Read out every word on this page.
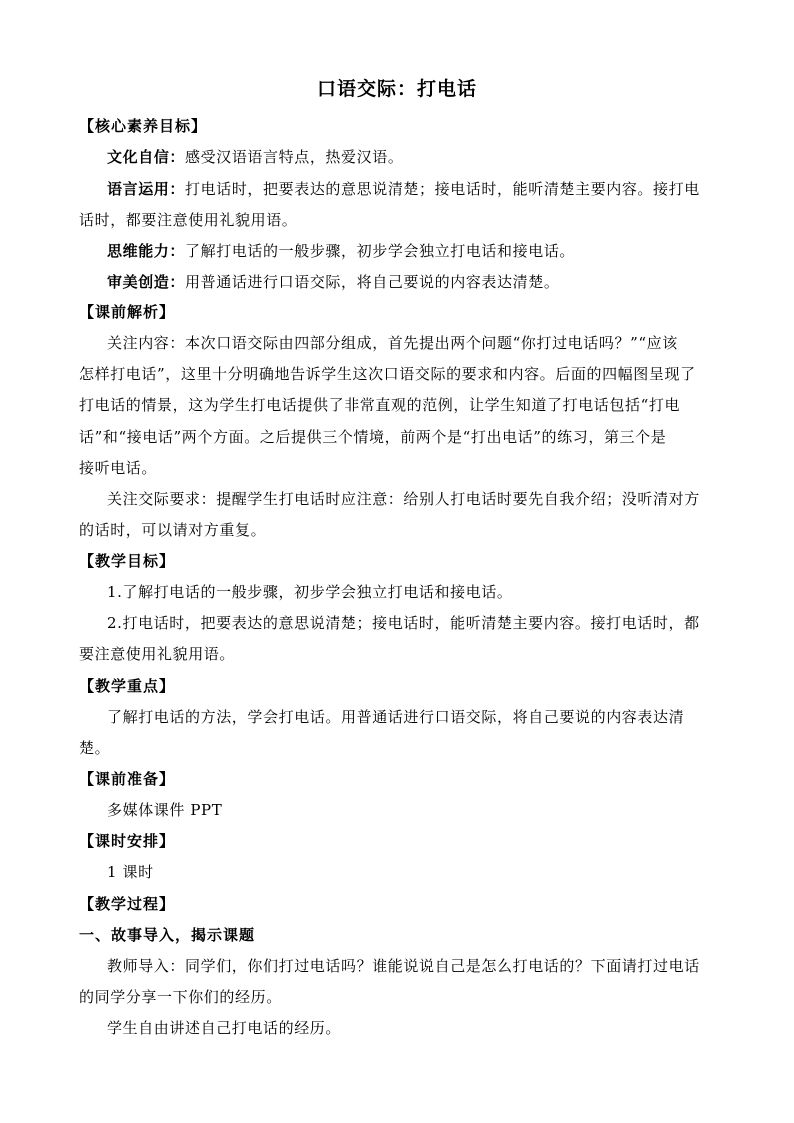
口语交际：打电话
【核心素养目标】
文化自信：感受汉语语言特点，热爱汉语。
语言运用：打电话时，把要表达的意思说清楚；接电话时，能听清楚主要内容。接打电
话时，都要注意使用礼貌用语。
思维能力：了解打电话的一般步骤，初步学会独立打电话和接电话。
审美创造：用普通话进行口语交际，将自己要说的内容表达清楚。
【课前解析】
关注内容：本次口语交际由四部分组成，首先提出两个问题“你打过电话吗？”“应该
怎样打电话”，这里十分明确地告诉学生这次口语交际的要求和内容。后面的四幅图呈现了
打电话的情景，这为学生打电话提供了非常直观的范例，让学生知道了打电话包括“打电
话”和“接电话”两个方面。之后提供三个情境，前两个是“打出电话”的练习，第三个是
接听电话。
关注交际要求：提醒学生打电话时应注意：给别人打电话时要先自我介绍；没听清对方
的话时，可以请对方重复。
【教学目标】
1.了解打电话的一般步骤，初步学会独立打电话和接电话。
2.打电话时，把要表达的意思说清楚；接电话时，能听清楚主要内容。接打电话时，都
要注意使用礼貌用语。
【教学重点】
了解打电话的方法，学会打电话。用普通话进行口语交际，将自己要说的内容表达清
楚。
【课前准备】
多媒体课件 PPT
【课时安排】
1 课时
【教学过程】
一、故事导入，揭示课题
教师导入：同学们，你们打过电话吗？谁能说说自己是怎么打电话的？下面请打过电话
的同学分享一下你们的经历。
学生自由讲述自己打电话的经历。
